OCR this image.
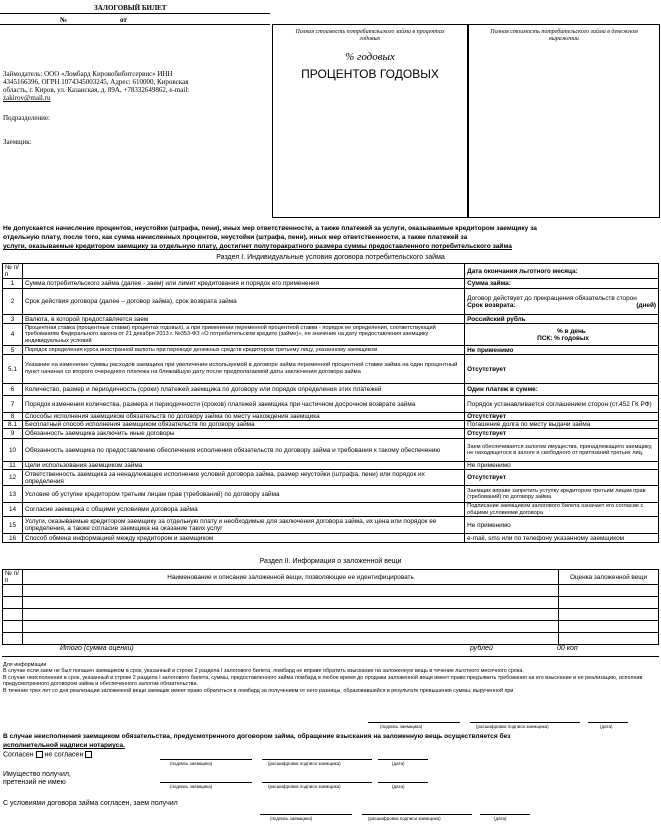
ЗАЛОГОВЫЙ БИЛЕТ
№	от
Полная стоимость потребительского займа в процентах годовых
% годовых
ПРОЦЕНТОВ ГОДОВЫХ
Полная стоимость потребительского займа в денежном выражении
Займодатель: ООО «Ломбард Кировобибитсервис» ИНН
4345166396, ОГРН 1074345003245, Адрес: 610000, Кировская
область, г. Киров, ул. Казанская, д. 89А, +78332649862, e-mail:
zakirov@mail.ru
Подразделение:
Заемщик:
Не допускается начисление процентов, неустойки (штрафа, пени), иных мер ответственности, а также платежей за услуги, оказываемые кредитором заемщику за
отдельную плату, после того, как сумма начисленных процентов, неустойки (штрафа, пени), иных мер ответственности, а также платежей за
услуги, оказываемые кредитором заемщику за отдельную плату, достигнет полуторакратного размера суммы предоставленного потребительского займа
Раздел I. Индивидуальные условия договора потребительского займа
№ п/п		Дата окончания льготного месяца:
1	Сумма потребительского займа (далее - заем) или лимит кредитования и порядок его применения	Сумма займа:
2	Срок действия договора (далее – договор займа), срок возврата займа	Договор действует до прекращения обязательств сторон
Срок возврата: (дней)

3	Валюта, в которой предоставляется заем	Российский рубль
4	Процентная ставка (процентные ставки) процентах годовых), а при применении переменной процентной ставки - порядок ее определения, соответствующий требованиям Федерального закона от 21 декабря 2013 г. №353-ФЗ «О потребительском кредите (займе)», ее значение на дату предоставления заемщику индивидуальных условий	% в день
ПСК: % годовых

5	Порядок определения курса иностранной валюты при переводе денежных средств кредитором третьему лицу, указанному заемщиком	Не применимо
5.1	Указание на изменение суммы расходов заемщика при увеличении используемой в договоре займа переменной процентной ставки займа на один процентный пункт начиная со второго очередного платежа на ближайшую дату после предполагаемой даты заключения договора займа	Отсутствует
6	Количество, размер и периодичность (сроки) платежей заемщика по договору или порядок определения этих платежей	Один платеж в сумме:
7	Порядок изменения количества, размера и периодичности (сроков) платежей заемщика при частичном досрочном возврате займа	Порядок устанавливается соглашением сторон (ст.452 ГК РФ)
8	Способы исполнения заемщиком обязательств по договору займа по месту нахождения заемщика	Отсутствует
8.1	Бесплатный способ исполнения заемщиком обязательств по договору займа	Погашение долга по месту выдачи займа
9	Обязанность заемщика заключить иные договоры	Отсутствует
10	Обязанность заемщика по предоставлению обеспечения исполнения обязательств по договору займа и требования к такому обеспечению	Заем обеспечивается залогом имущества, принадлежащего заемщику, не находящегося в залоге и свободного от притязаний третьих лиц.
11	Цели использования заемщиком займа	Не применимо
12	Ответственность заемщика за ненадлежащее исполнение условий договора займа, размер неустойки (штрафа, пени) или порядок их определения	Отсутствует
13	Условие об уступке кредитором третьим лицам прав (требований) по договору займа	Заемщик вправе запретить уступку кредитором третьим лицам прав (требований) по договору займа
14	Согласие заемщика с общими условиями договора займа	Подписание заемщиком залогового билета означает его согласие с общими условиями договора
15	Услуги, оказываемые кредитором заемщику за отдельную плату и необходимые для заключения договора займа, их цена или порядок ее определения, а также согласие заемщика на оказание таких услуг	Не применимо
16	Способ обмена информацией между кредитором и заемщиком	e-mail, sms или по телефону указанному заемщиком
Раздел II. Информация о заложенной вещи
№ п/п	Наименование и описание заложенной вещи, позволяющее ее идентифицировать	Оценка заложенной вещи

Итого (сумма оценки)	рублей	00 коп
Для информации
В случае если заем не был погашен заемщиком в срок, указанный в строке 2 раздела I залогового билета, ломбард не вправе обратить взыскание на заложенную вещь в течение льготного месячного срока.
В случае неисполнения в срок, указанный в строке 2 раздела I залогового билета, суммы, предоставленного займа ломбард в любое время до продажи заложенной вещи имеет право предъявить требования на его взыскание и ее реализацию, исполнив предусмотренного договором займа и обеспеченного залогом обязательства.
В течение трех лет со дня реализации заложенной вещи заемщик имеет право обратиться в ломбард за получением от него разницы, образовавшейся в результате превышения суммы, вырученной при
(подпись заемщика)	(расшифровка подписи заемщика)	(дата)
В случае неисполнения заемщиком обязательства, предусмотренного договором займа, обращение взыскания на заложенную вещь осуществляется без
исполнительной надписи нотариуса.
Согласен не согласен
(подпись заемщика)	(расшифровка подписи заемщика)	(дата)
Имущество получил,
претензий не имею
(подпись заемщика)	(расшифровка подписи заемщика)	(дата)
С условиями договора займа согласен, заем получил
(подпись заемщика)	(расшифровка подписи заемщика)	(дата)
